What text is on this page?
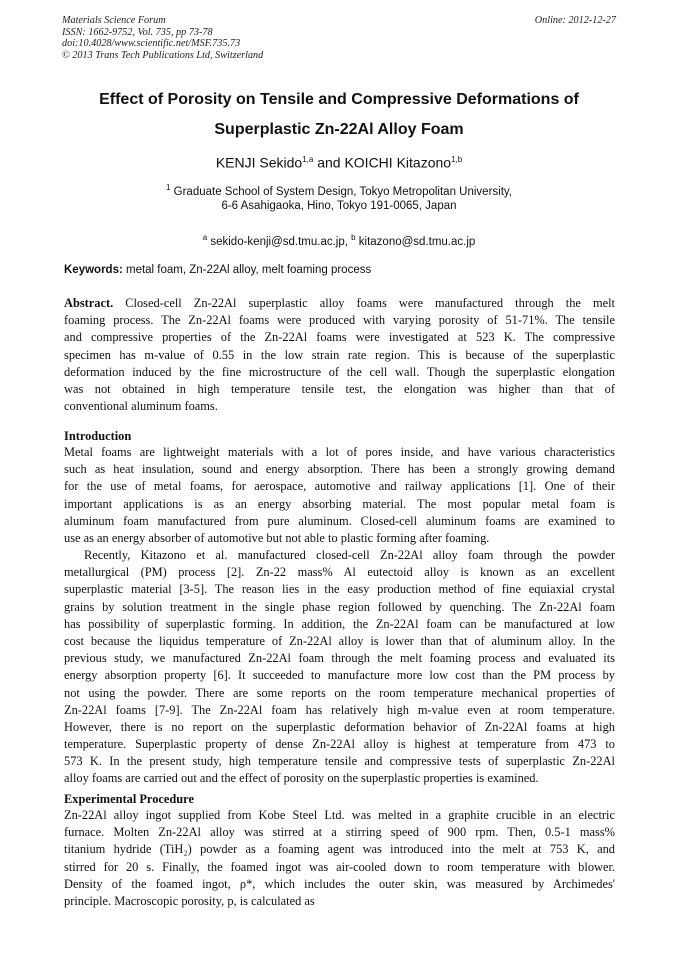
Materials Science Forum
ISSN: 1662-9752, Vol. 735, pp 73-78
doi:10.4028/www.scientific.net/MSF.735.73
© 2013 Trans Tech Publications Ltd, Switzerland
Online: 2012-12-27
Effect of Porosity on Tensile and Compressive Deformations of
Superplastic Zn-22Al Alloy Foam
KENJI Sekido$^{1,a}$ and KOICHI Kitazono$^{1,b}$
$^1$ Graduate School of System Design, Tokyo Metropolitan University,
6-6 Asahigaoka, Hino, Tokyo 191-0065, Japan
$^a$ sekido-kenji@sd.tmu.ac.jp, $^b$ kitazono@sd.tmu.ac.jp
Keywords: metal foam, Zn-22Al alloy, melt foaming process
Abstract. Closed-cell Zn-22Al superplastic alloy foams were manufactured through the melt
foaming process. The Zn-22Al foams were produced with varying porosity of 51-71%. The tensile
and compressive properties of the Zn-22Al foams were investigated at 523 K. The compressive
specimen has m-value of 0.55 in the low strain rate region. This is because of the superplastic
deformation induced by the fine microstructure of the cell wall. Though the superplastic elongation
was not obtained in high temperature tensile test, the elongation was higher than that of
conventional aluminum foams.
Introduction
Metal foams are lightweight materials with a lot of pores inside, and have various characteristics
such as heat insulation, sound and energy absorption. There has been a strongly growing demand
for the use of metal foams, for aerospace, automotive and railway applications [1]. One of their
important applications is as an energy absorbing material. The most popular metal foam is
aluminum foam manufactured from pure aluminum. Closed-cell aluminum foams are examined to
use as an energy absorber of automotive but not able to plastic forming after foaming.
Recently, Kitazono et al. manufactured closed-cell Zn-22Al alloy foam through the powder
metallurgical (PM) process [2]. Zn-22 mass% Al eutectoid alloy is known as an excellent
superplastic material [3-5]. The reason lies in the easy production method of fine equiaxial crystal
grains by solution treatment in the single phase region followed by quenching. The Zn-22Al foam
has possibility of superplastic forming. In addition, the Zn-22Al foam can be manufactured at low
cost because the liquidus temperature of Zn-22Al alloy is lower than that of aluminum alloy. In the
previous study, we manufactured Zn-22Al foam through the melt foaming process and evaluated its
energy absorption property [6]. It succeeded to manufacture more low cost than the PM process by
not using the powder. There are some reports on the room temperature mechanical properties of
Zn-22Al foams [7-9]. The Zn-22Al foam has relatively high m-value even at room temperature.
However, there is no report on the superplastic deformation behavior of Zn-22Al foams at high
temperature. Superplastic property of dense Zn-22Al alloy is highest at temperature from 473 to
573 K. In the present study, high temperature tensile and compressive tests of superplastic Zn-22Al
alloy foams are carried out and the effect of porosity on the superplastic properties is examined.
Experimental Procedure
Zn-22Al alloy ingot supplied from Kobe Steel Ltd. was melted in a graphite crucible in an electric
furnace. Molten Zn-22Al alloy was stirred at a stirring speed of 900 rpm. Then, 0.5-1 mass%
titanium hydride (TiH₂) powder as a foaming agent was introduced into the melt at 753 K, and
stirred for 20 s. Finally, the foamed ingot was air-cooled down to room temperature with blower.
Density of the foamed ingot, ρ*, which includes the outer skin, was measured by Archimedes'
principle. Macroscopic porosity, p, is calculated as
